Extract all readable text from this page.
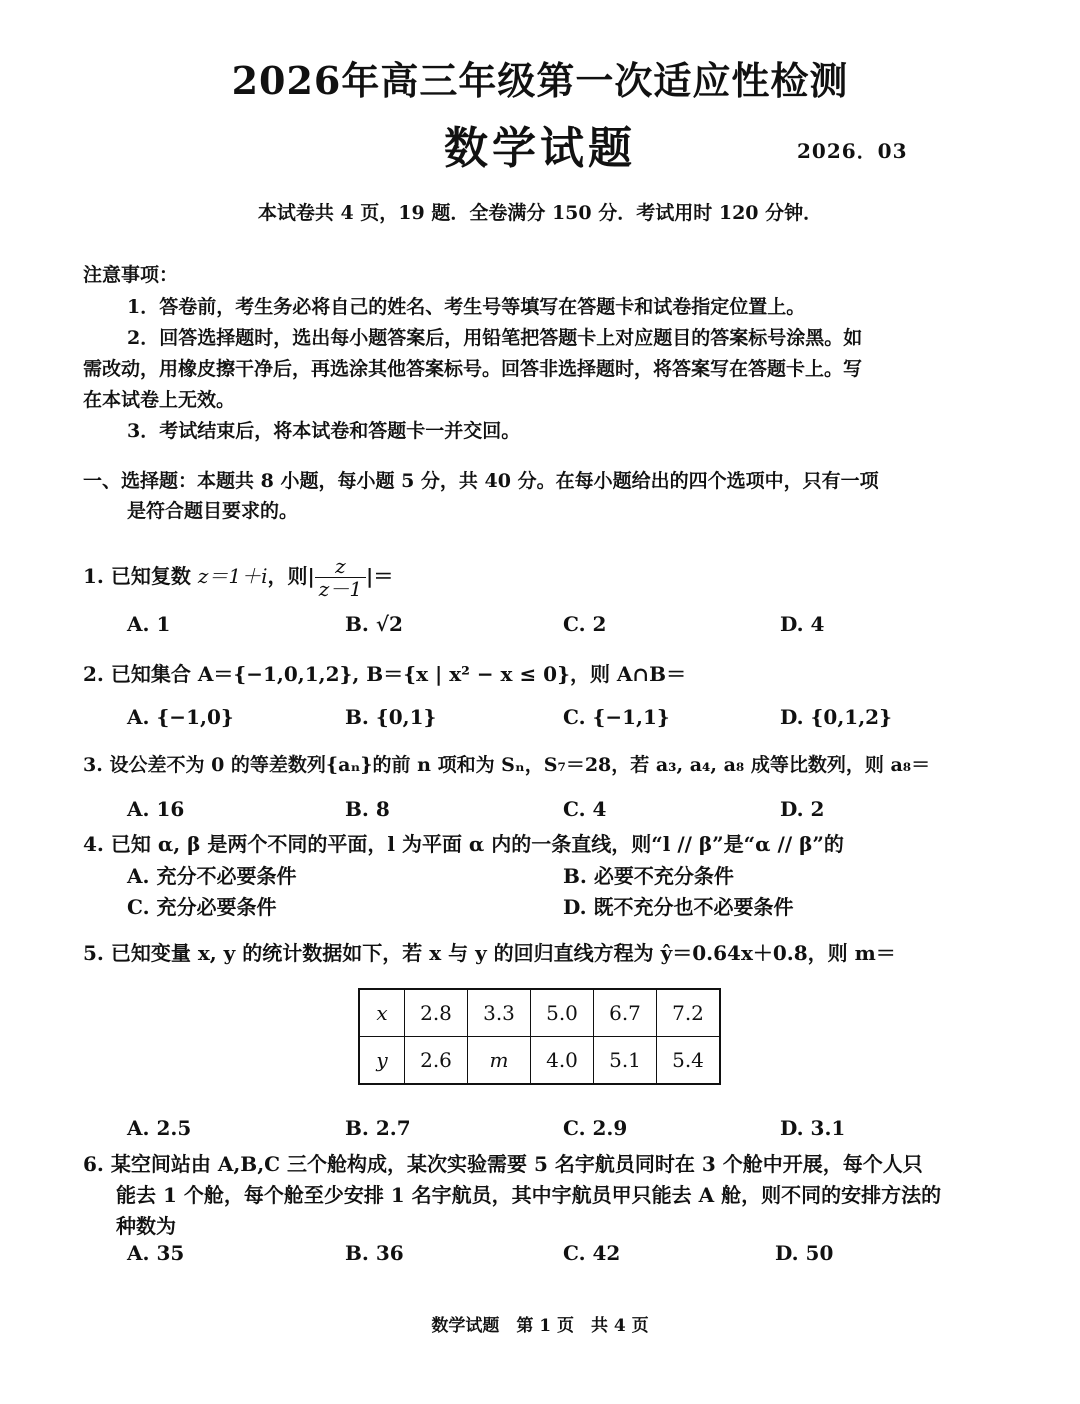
2026年高三年级第一次适应性检测
数学试题	2026．03
本试卷共 4 页，19 题．全卷满分 150 分．考试用时 120 分钟．
注意事项：
1．答卷前，考生务必将自己的姓名、考生号等填写在答题卡和试卷指定位置上。
2．回答选择题时，选出每小题答案后，用铅笔把答题卡上对应题目的答案标号涂黑。如
需改动，用橡皮擦干净后，再选涂其他答案标号。回答非选择题时，将答案写在答题卡上。写
在本试卷上无效。
3．考试结束后，将本试卷和答题卡一并交回。
一、选择题：本题共 8 小题，每小题 5 分，共 40 分。在每小题给出的四个选项中，只有一项
是符合题目要求的。
1. 已知复数 z＝1＋i，则| $\frac{z}{z-1}$ |＝
A. 1	B. √2	C. 2	D. 4
2. 已知集合 A＝{−1,0,1,2}, B＝{x | x² − x ≤ 0}，则 A∩B＝
A. {−1,0}	B. {0,1}	C. {−1,1}	D. {0,1,2}
3. 设公差不为 0 的等差数列{aₙ}的前 n 项和为 Sₙ，S₇＝28，若 a₃, a₄, a₈ 成等比数列，则 a₈＝
A. 16	B. 8	C. 4	D. 2
4. 已知 α, β 是两个不同的平面，l 为平面 α 内的一条直线，则“l // β”是“α // β”的
A. 充分不必要条件	B. 必要不充分条件
C. 充分必要条件	D. 既不充分也不必要条件
5. 已知变量 x, y 的统计数据如下，若 x 与 y 的回归直线方程为 ŷ＝0.64x＋0.8，则 m＝
x	2.8	3.3	5.0	6.7	7.2
y	2.6	m	4.0	5.1	5.4
A. 2.5	B. 2.7	C. 2.9	D. 3.1
6. 某空间站由 A,B,C 三个舱构成，某次实验需要 5 名宇航员同时在 3 个舱中开展，每个人只
能去 1 个舱，每个舱至少安排 1 名宇航员，其中宇航员甲只能去 A 舱，则不同的安排方法的
种数为
A. 35	B. 36	C. 42	D. 50
数学试题　第 1 页　共 4 页
